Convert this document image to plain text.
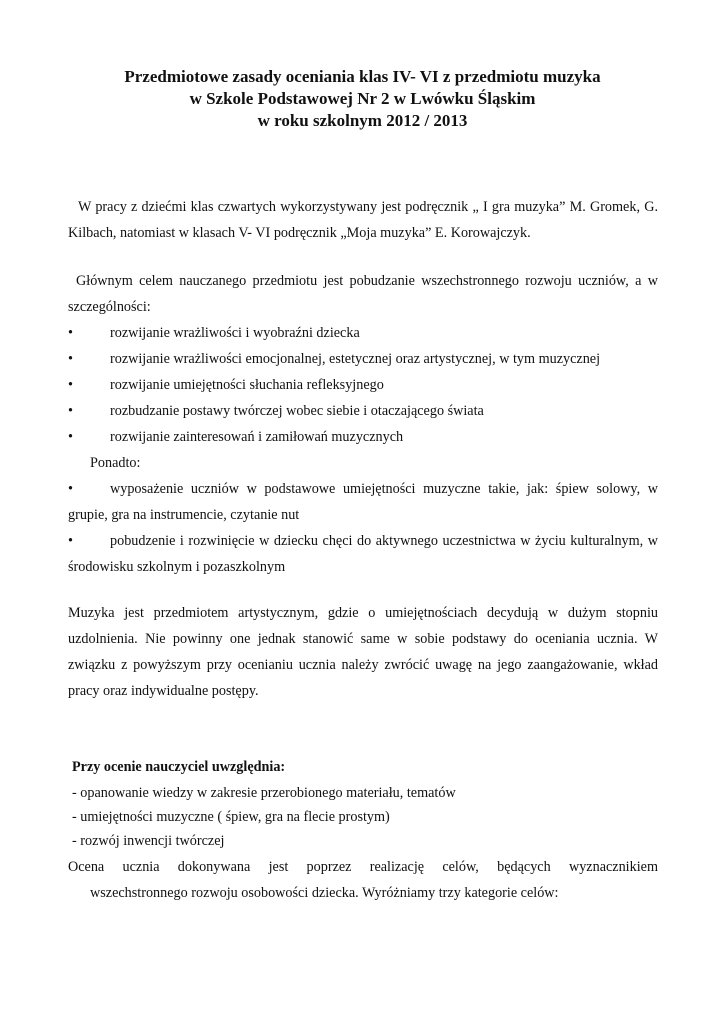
Przedmiotowe zasady oceniania klas IV- VI z przedmiotu muzyka
w Szkole Podstawowej Nr 2 w Lwówku Śląskim
w roku szkolnym 2012 / 2013
W pracy z dziećmi klas czwartych wykorzystywany jest podręcznik „ I gra muzyka” M. Gromek, G. Kilbach, natomiast w klasach V- VI podręcznik „Moja muzyka” E. Korowajczyk.
Głównym celem nauczanego przedmiotu jest pobudzanie wszechstronnego rozwoju uczniów, a w szczególności:
•	rozwijanie wrażliwości i wyobraźni dziecka
•	rozwijanie wrażliwości emocjonalnej, estetycznej oraz artystycznej, w tym muzycznej
•	rozwijanie umiejętności słuchania refleksyjnego
•	rozbudzanie postawy twórczej wobec siebie i otaczającego świata
•	rozwijanie zainteresowań i zamiłowań muzycznych
Ponadto:
•	wyposażenie uczniów w podstawowe umiejętności muzyczne takie, jak: śpiew solowy, w grupie, gra na instrumencie, czytanie nut
•	pobudzenie i rozwinięcie w dziecku chęci do aktywnego uczestnictwa w życiu kulturalnym, w środowisku szkolnym i pozaszkolnym
Muzyka jest przedmiotem artystycznym, gdzie o umiejętnościach decydują w dużym stopniu uzdolnienia. Nie powinny one jednak stanowić same w sobie podstawy do oceniania ucznia. W związku z powyższym przy ocenianiu ucznia należy zwrócić uwagę na jego zaangażowanie, wkład pracy oraz indywidualne postępy.
Przy ocenie nauczyciel uwzględnia:
- opanowanie wiedzy w zakresie przerobionego materiału, tematów
- umiejętności muzyczne ( śpiew, gra na flecie prostym)
- rozwój inwencji twórczej
Ocena ucznia dokonywana jest poprzez realizację celów, będących wyznacznikiem
wszechstronnego rozwoju osobowości dziecka. Wyróżniamy trzy kategorie celów:
